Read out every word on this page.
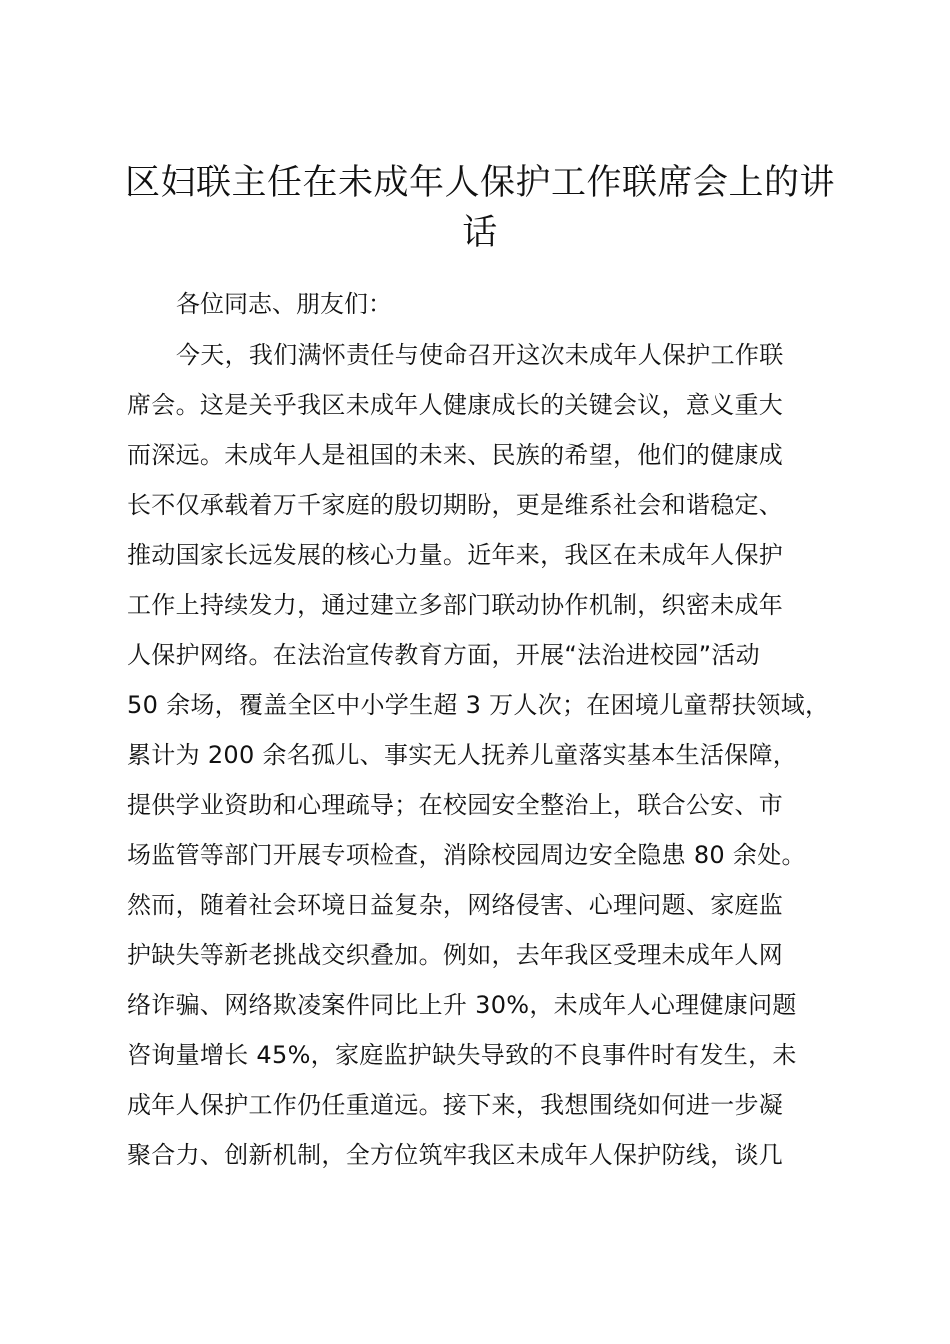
区妇联主任在未成年人保护工作联席会上的讲
话

各位同志、朋友们：

今天，我们满怀责任与使命召开这次未成年人保护工作联
席会。这是关乎我区未成年人健康成长的关键会议，意义重大
而深远。未成年人是祖国的未来、民族的希望，他们的健康成
长不仅承载着万千家庭的殷切期盼，更是维系社会和谐稳定、
推动国家长远发展的核心力量。近年来，我区在未成年人保护
工作上持续发力，通过建立多部门联动协作机制，织密未成年
人保护网络。在法治宣传教育方面，开展“法治进校园”活动
50 余场，覆盖全区中小学生超 3 万人次；在困境儿童帮扶领域，
累计为 200 余名孤儿、事实无人抚养儿童落实基本生活保障，
提供学业资助和心理疏导；在校园安全整治上，联合公安、市
场监管等部门开展专项检查，消除校园周边安全隐患 80 余处。
然而，随着社会环境日益复杂，网络侵害、心理问题、家庭监
护缺失等新老挑战交织叠加。例如，去年我区受理未成年人网
络诈骗、网络欺凌案件同比上升 30%，未成年人心理健康问题
咨询量增长 45%，家庭监护缺失导致的不良事件时有发生，未
成年人保护工作仍任重道远。接下来，我想围绕如何进一步凝
聚合力、创新机制，全方位筑牢我区未成年人保护防线，谈几
